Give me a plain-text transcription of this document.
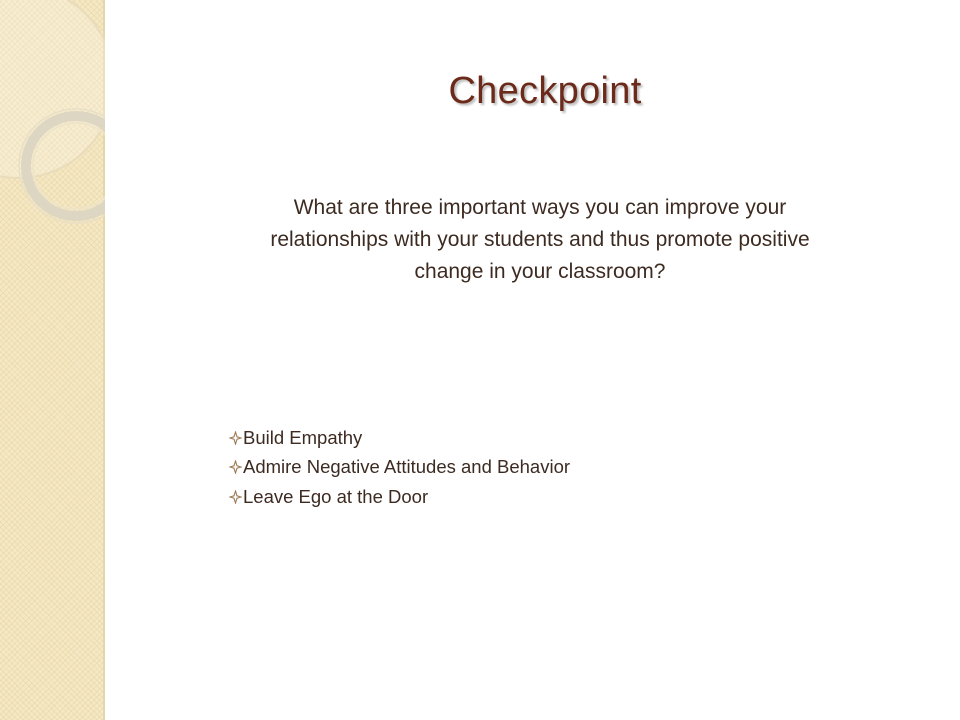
Checkpoint
What are three important ways you can improve your
relationships with your students and thus promote positive
change in your classroom?
Build Empathy
Admire Negative Attitudes and Behavior
Leave Ego at the Door
